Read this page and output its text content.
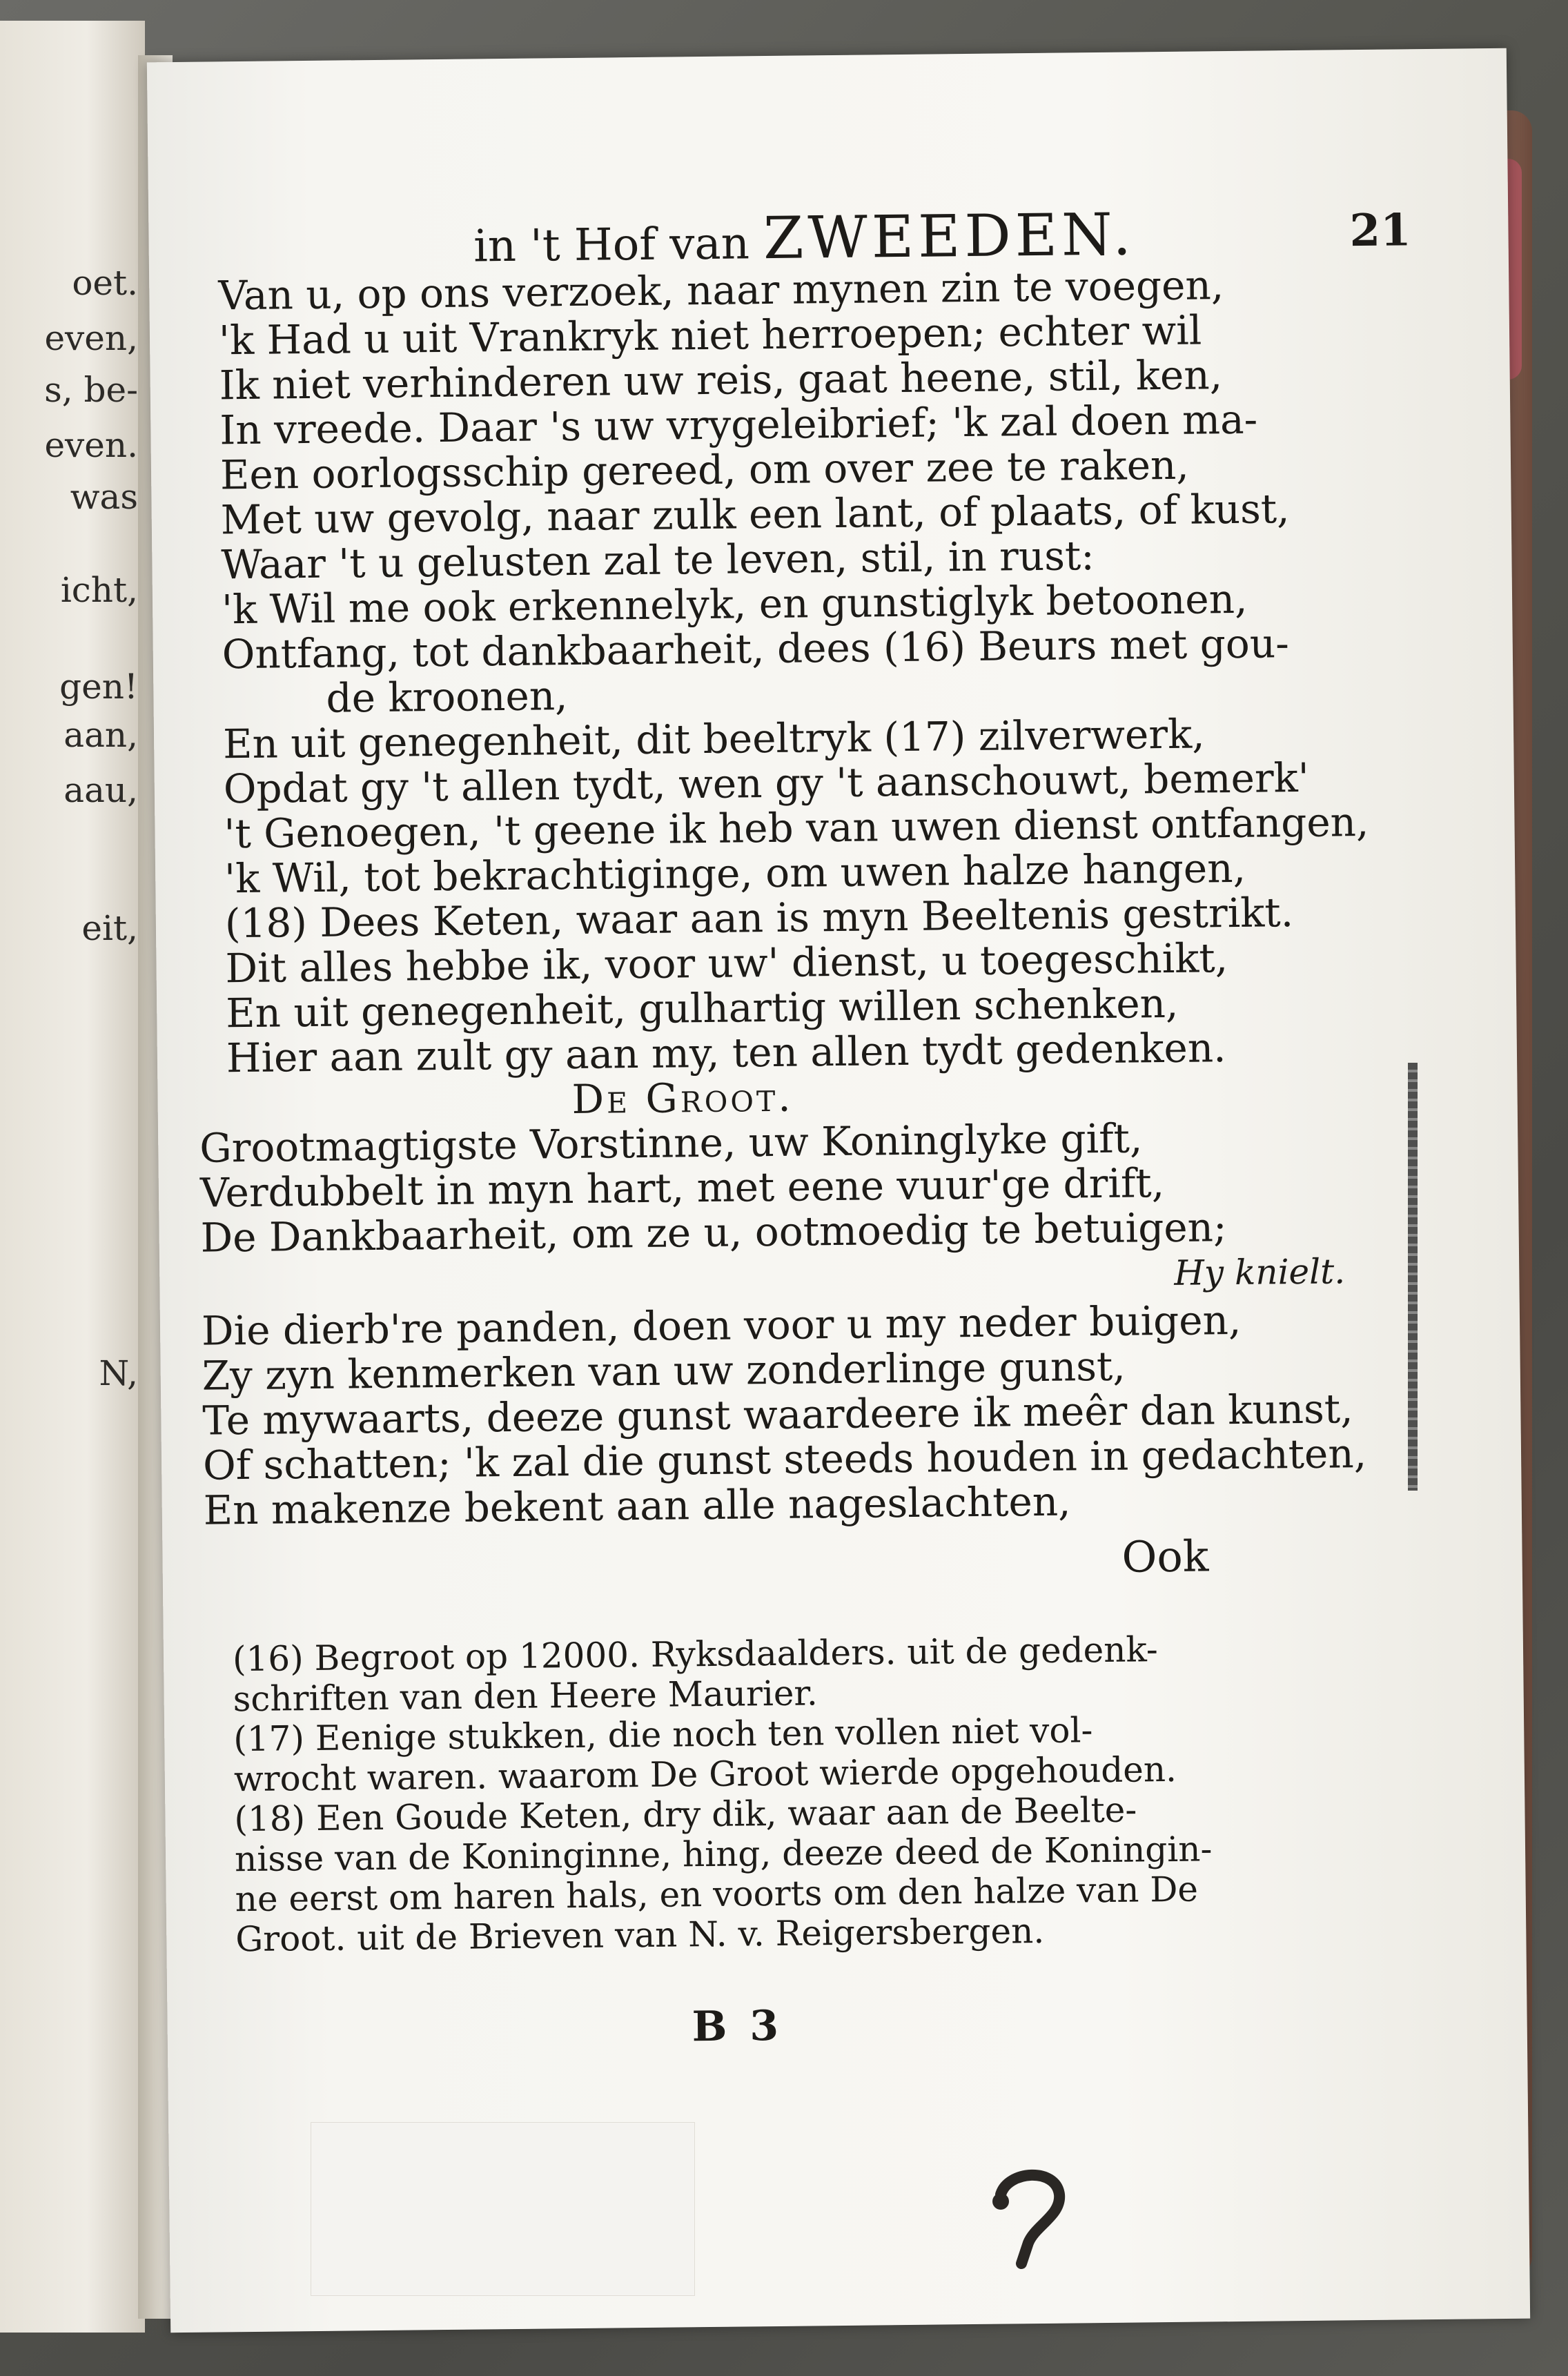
oet.
even,
s, be-
even.
was
icht,
gen!
aan,
aau,
eit,
N,
in 't Hof van ZWEEDEN.	21
Van u, op ons verzoek, naar mynen zin te voegen,
'k Had u uit Vrankryk niet herroepen; echter wil
Ik niet verhinderen uw reis, gaat heene, stil, ken,
In vreede. Daar 's uw vrygeleibrief; 'k zal doen ma-
Een oorlogsschip gereed, om over zee te raken,
Met uw gevolg, naar zulk een lant, of plaats, of kust,
Waar 't u gelusten zal te leven, stil, in rust:
'k Wil me ook erkennelyk, en gunstiglyk betoonen,
Ontfang, tot dankbaarheit, dees (16) Beurs met gou-
de kroonen,
En uit genegenheit, dit beeltryk (17) zilverwerk,
Opdat gy 't allen tydt, wen gy 't aanschouwt, bemerk'
't Genoegen, 't geene ik heb van uwen dienst ontfangen,
'k Wil, tot bekrachtiginge, om uwen halze hangen,
(18) Dees Keten, waar aan is myn Beeltenis gestrikt.
Dit alles hebbe ik, voor uw' dienst, u toegeschikt,
En uit genegenheit, gulhartig willen schenken,
Hier aan zult gy aan my, ten allen tydt gedenken.
De Groot.
Grootmagtigste Vorstinne, uw Koninglyke gift,
Verdubbelt in myn hart, met eene vuur'ge drift,
De Dankbaarheit, om ze u, ootmoedig te betuigen;
Hy knielt.
Die dierb're panden, doen voor u my neder buigen,
Zy zyn kenmerken van uw zonderlinge gunst,
Te mywaarts, deeze gunst waardeere ik meêr dan kunst,
Of schatten; 'k zal die gunst steeds houden in gedachten,
En makenze bekent aan alle nageslachten,
Ook
(16) Begroot op 12000. Ryksdaalders. uit de gedenk-
schriften van den Heere Maurier.
(17) Eenige stukken, die noch ten vollen niet vol-
wrocht waren. waarom De Groot wierde opgehouden.
(18) Een Goude Keten, dry dik, waar aan de Beelte-
nisse van de Koninginne, hing, deeze deed de Koningin-
ne eerst om haren hals, en voorts om den halze van De
Groot. uit de Brieven van N. v. Reigersbergen.
B 3
